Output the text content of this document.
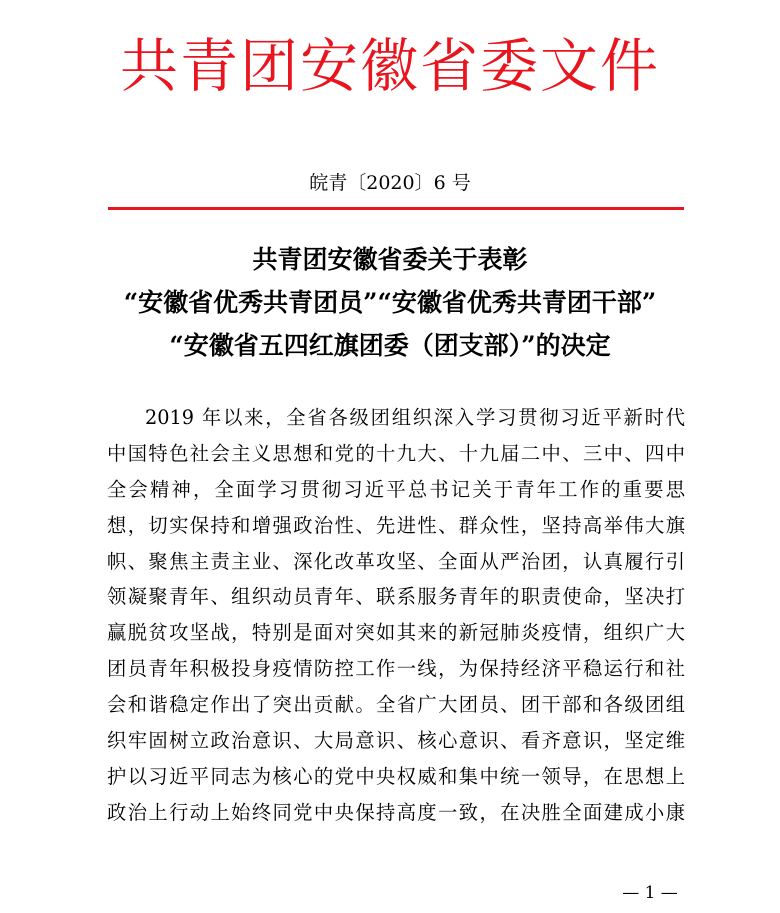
共青团安徽省委文件
皖青〔2020〕6 号
共青团安徽省委关于表彰
“安徽省优秀共青团员”“安徽省优秀共青团干部”
“安徽省五四红旗团委（团支部）”的决定
2019 年以来，全省各级团组织深入学习贯彻习近平新时代
中国特色社会主义思想和党的十九大、十九届二中、三中、四中
全会精神，全面学习贯彻习近平总书记关于青年工作的重要思
想，切实保持和增强政治性、先进性、群众性，坚持高举伟大旗
帜、聚焦主责主业、深化改革攻坚、全面从严治团，认真履行引
领凝聚青年、组织动员青年、联系服务青年的职责使命，坚决打
赢脱贫攻坚战，特别是面对突如其来的新冠肺炎疫情，组织广大
团员青年积极投身疫情防控工作一线，为保持经济平稳运行和社
会和谐稳定作出了突出贡献。全省广大团员、团干部和各级团组
织牢固树立政治意识、大局意识、核心意识、看齐意识，坚定维
护以习近平同志为核心的党中央权威和集中统一领导，在思想上
政治上行动上始终同党中央保持高度一致，在决胜全面建成小康
— 1 —
